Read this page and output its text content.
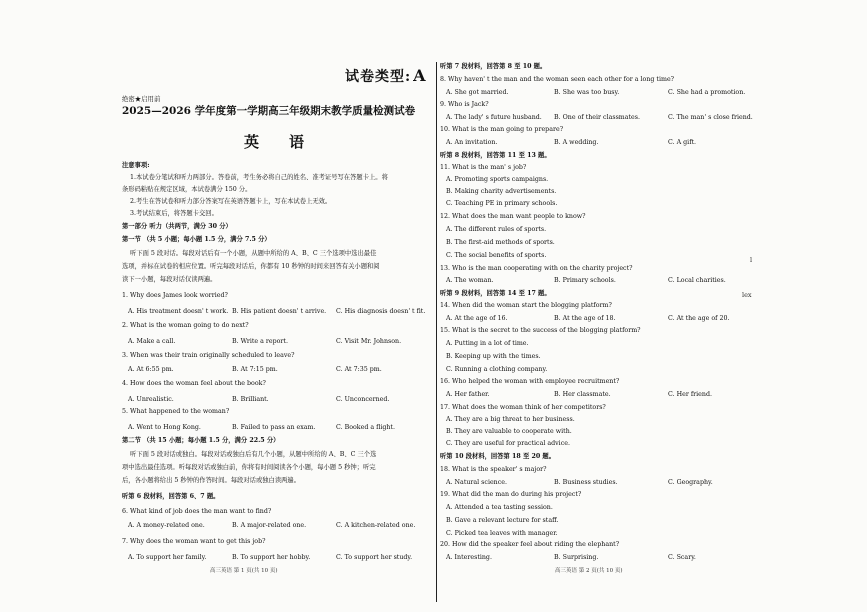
试卷类型: A
绝密★启用前
2025—2026 学年度第一学期高三年级期末教学质量检测试卷
英语
注意事项:
1.本试卷分笔试和听力两部分。答卷前，考生务必将自己的姓名、准考证号写在答题卡上。将
条形码粘贴在规定区域，本试卷满分 150 分。
2.考生在答试卷和听力部分答案写在英语答题卡上，写在本试卷上无效。
3.考试结束后，将答题卡交回。
第一部分 听力（共两节，满分 30 分）
第一节 （共 5 小题；每小题 1.5 分，满分 7.5 分）
听下面 5 段对话。每段对话后有一个小题，从题中所给的 A、B、C 三个选项中选出最佳
选项，并标在试卷的相应位置。听完每段对话后，你都有 10 秒钟的时间来回答有关小题和阅
读下一小题，每段对话仅读两遍。
1. Why does James look worried?
A. His treatment doesn' t work. B. His patient doesn' t arrive. C. His diagnosis doesn' t fit.
2. What is the woman going to do next?
A. Make a call.	B. Write a report.	C. Visit Mr. Johnson.
3. When was their train originally scheduled to leave?
A. At 6:55 pm.	B. At 7:15 pm.	C. At 7:35 pm.
4. How does the woman feel about the book?
A. Unrealistic.	B. Brilliant.	C. Unconcerned.
5. What happened to the woman?
A. Went to Hong Kong.	B. Failed to pass an exam.	C. Booked a flight.
第二节 （共 15 小题；每小题 1.5 分，满分 22.5 分）
听下面 5 段对话或独白。每段对话或独白后有几个小题，从题中所给的 A、B、C 三个选
项中选出最佳选项。听每段对话或独白前，你将有时间阅读各个小题，每小题 5 秒钟；听完
后，各小题将给出 5 秒钟的作答时间。每段对话或独白读两遍。
听第 6 段材料，回答第 6、7 题。
6. What kind of job does the man want to find?
A. A money-related one.	B. A major-related one.	C. A kitchen-related one.
7. Why does the woman want to get this job?
A. To support her family.	B. To support her hobby.	C. To support her study.
听第 7 段材料，回答第 8 至 10 题。
8. Why haven' t the man and the woman seen each other for a long time?
A. She got married.	B. She was too busy.	C. She had a promotion.
9. Who is Jack?
A. The lady' s future husband. B. One of their classmates.	C. The man' s close friend.
10. What is the man going to prepare?
A. An invitation.	B. A wedding.	C. A gift.
听第 8 段材料，回答第 11 至 13 题。
11. What is the man' s job?
A. Promoting sports campaigns.
B. Making charity advertisements.
C. Teaching PE in primary schools.
12. What does the man want people to know?
A. The different rules of sports.
B. The first-aid methods of sports.
C. The social benefits of sports.
13. Who is the man cooperating with on the charity project?
A. The woman.	B. Primary schools.	C. Local charities.
听第 9 段材料，回答第 14 至 17 题。
14. When did the woman start the blogging platform?
A. At the age of 16.	B. At the age of 18.	C. At the age of 20.
15. What is the secret to the success of the blogging platform?
A. Putting in a lot of time.
B. Keeping up with the times.
C. Running a clothing company.
16. Who helped the woman with employee recruitment?
A. Her father.	B. Her classmate.	C. Her friend.
17. What does the woman think of her competitors?
A. They are a big threat to her business.
B. They are valuable to cooperate with.
C. They are useful for practical advice.
听第 10 段材料，回答第 18 至 20 题。
18. What is the speaker' s major?
A. Natural science.	B. Business studies.	C. Geography.
19. What did the man do during his project?
A. Attended a tea tasting session.
B. Gave a relevant lecture for staff.
C. Picked tea leaves with manager.
20. How did the speaker feel about riding the elephant?
A. Interesting.	B. Surprising.	C. Scary.
高三英语 第 1 页(共 10 页)	高三英语 第 2 页(共 10 页)
l
lex
